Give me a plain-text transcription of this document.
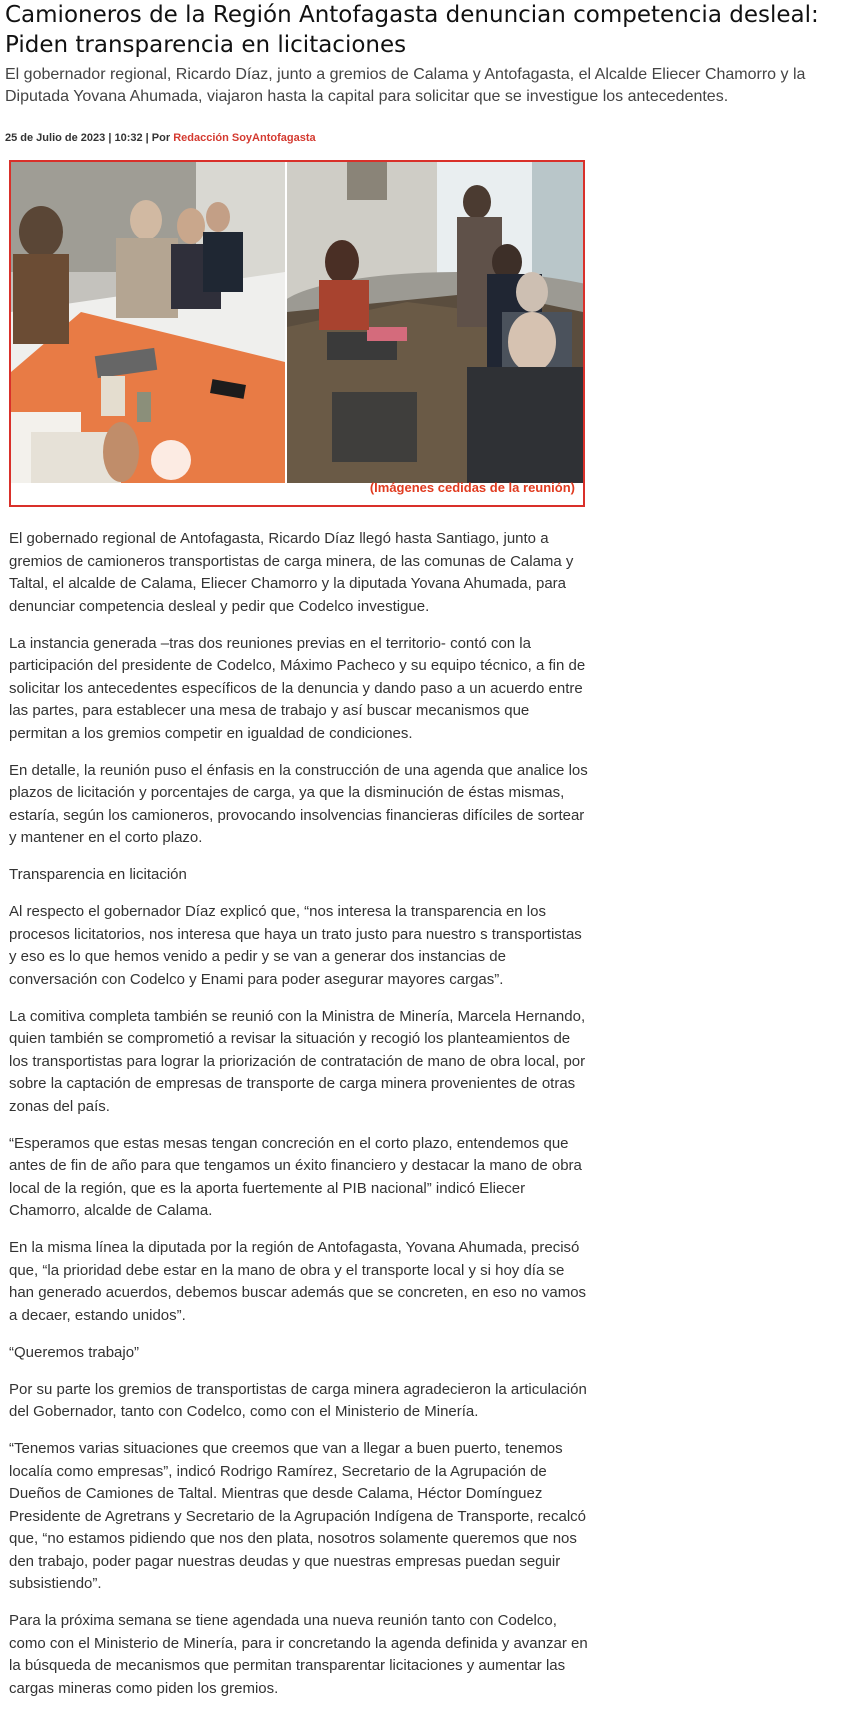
Camioneros de la Región Antofagasta denuncian competencia desleal: Piden transparencia en licitaciones

El gobernador regional, Ricardo Díaz, junto a gremios de Calama y Antofagasta, el Alcalde Eliecer Chamorro y la Diputada Yovana Ahumada, viajaron hasta la capital para solicitar que se investigue los antecedentes.

25 de Julio de 2023 | 10:32 | Por Redacción SoyAntofagasta
(Imágenes cedidas de la reunión)

El gobernado regional de Antofagasta, Ricardo Díaz llegó hasta Santiago, junto a gremios de camioneros transportistas de carga minera, de las comunas de Calama y Taltal, el alcalde de Calama, Eliecer Chamorro y la diputada Yovana Ahumada, para denunciar competencia desleal y pedir que Codelco investigue.

La instancia generada –tras dos reuniones previas en el territorio- contó con la participación del presidente de Codelco, Máximo Pacheco y su equipo técnico, a fin de solicitar los antecedentes específicos de la denuncia y dando paso a un acuerdo entre las partes, para establecer una mesa de trabajo y así buscar mecanismos que permitan a los gremios competir en igualdad de condiciones.

En detalle, la reunión puso el énfasis en la construcción de una agenda que analice los plazos de licitación y porcentajes de carga, ya que la disminución de éstas mismas, estaría, según los camioneros, provocando insolvencias financieras difíciles de sortear y mantener en el corto plazo.

Transparencia en licitación

Al respecto el gobernador Díaz explicó que, “nos interesa la transparencia en los procesos licitatorios, nos interesa que haya un trato justo para nuestro s transportistas y eso es lo que hemos venido a pedir y se van a generar dos instancias de conversación con Codelco y Enami para poder asegurar mayores cargas”.

La comitiva completa también se reunió con la Ministra de Minería, Marcela Hernando, quien también se comprometió a revisar la situación y recogió los planteamientos de los transportistas para lograr la priorización de contratación de mano de obra local, por sobre la captación de empresas de transporte de carga minera provenientes de otras zonas del país.

“Esperamos que estas mesas tengan concreción en el corto plazo, entendemos que antes de fin de año para que tengamos un éxito financiero y destacar la mano de obra local de la región, que es la aporta fuertemente al PIB nacional” indicó Eliecer Chamorro, alcalde de Calama.

En la misma línea la diputada por la región de Antofagasta, Yovana Ahumada, precisó que, “la prioridad debe estar en la mano de obra y el transporte local y si hoy día se han generado acuerdos, debemos buscar además que se concreten, en eso no vamos a decaer, estando unidos”.

“Queremos trabajo”

Por su parte los gremios de transportistas de carga minera agradecieron la articulación del Gobernador, tanto con Codelco, como con el Ministerio de Minería.

“Tenemos varias situaciones que creemos que van a llegar a buen puerto, tenemos localía como empresas”, indicó Rodrigo Ramírez, Secretario de la Agrupación de Dueños de Camiones de Taltal. Mientras que desde Calama, Héctor Domínguez Presidente de Agretrans y Secretario de la Agrupación Indígena de Transporte, recalcó que, “no estamos pidiendo que nos den plata, nosotros solamente queremos que nos den trabajo, poder pagar nuestras deudas y que nuestras empresas puedan seguir subsistiendo”.

Para la próxima semana se tiene agendada una nueva reunión tanto con Codelco, como con el Ministerio de Minería, para ir concretando la agenda definida y avanzar en la búsqueda de mecanismos que permitan transparentar licitaciones y aumentar las cargas mineras como piden los gremios.
